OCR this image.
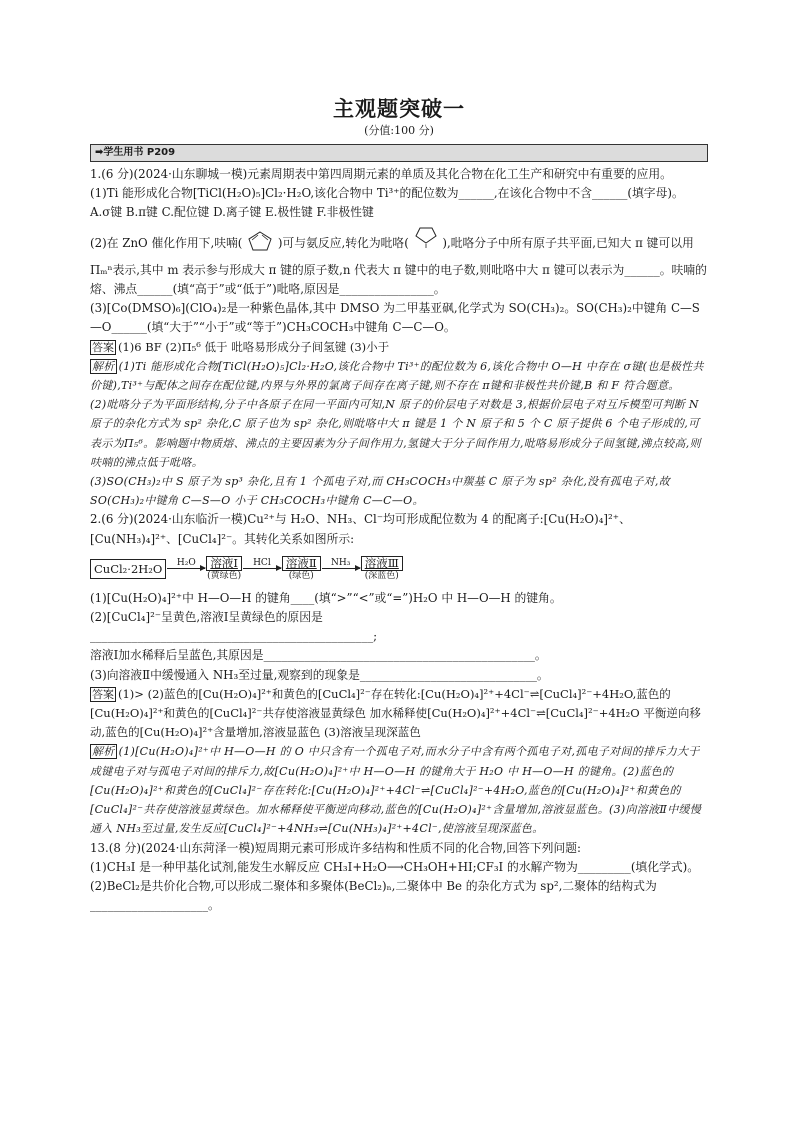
主观题突破一
(分值:100 分)
➡学生用书 P209

1.(6 分)(2024·山东聊城一模)元素周期表中第四周期元素的单质及其化合物在化工生产和研究中有重要的应用。

(1)Ti 能形成化合物[TiCl(H₂O)₅]Cl₂·H₂O,该化合物中 Ti³⁺的配位数为______,在该化合物中不含______(填字母)。

A.σ键 B.π键 C.配位键 D.离子键 E.极性键 F.非极性键

(2)在 ZnO 催化作用下,呋喃(	)可与氨反应,转化为吡咯(	),吡咯分子中所有原子共平面,已知大 π 键可以用Πₘⁿ表示,其中 m 表示参与形成大 π 键的原子数,n 代表大 π 键中的电子数,则吡咯中大 π 键可以表示为______。呋喃的熔、沸点______(填“高于”或“低于”)吡咯,原因是________________。

(3)[Co(DMSO)₆](ClO₄)₂是一种紫色晶体,其中 DMSO 为二甲基亚砜,化学式为 SO(CH₃)₂。SO(CH₃)₂中键角 C—S—O______(填“大于”“小于”或“等于”)CH₃COCH₃中键角 C—C—O。

答案 (1)6 BF (2)Π₅⁶ 低于 吡咯易形成分子间氢键 (3)小于

解析 (1)Ti 能形成化合物[TiCl(H₂O)₅]Cl₂·H₂O,该化合物中 Ti³⁺的配位数为 6,该化合物中 O—H 中存在 σ键(也是极性共价键),Ti³⁺与配体之间存在配位键,内界与外界的氯离子间存在离子键,则不存在 π键和非极性共价键,B 和 F 符合题意。

(2)吡咯分子为平面形结构,分子中各原子在同一平面内可知,N 原子的价层电子对数是 3,根据价层电子对互斥模型可判断 N 原子的杂化方式为 sp² 杂化,C 原子也为 sp² 杂化,则吡咯中大 π 键是 1 个 N 原子和 5 个 C 原子提供 6 个电子形成的,可表示为Π₅⁶。影响题中物质熔、沸点的主要因素为分子间作用力,氢键大于分子间作用力,吡咯易形成分子间氢键,沸点较高,则呋喃的沸点低于吡咯。

(3)SO(CH₃)₂中 S 原子为 sp³ 杂化,且有 1 个孤电子对,而 CH₃COCH₃中羰基 C 原子为 sp² 杂化,没有孤电子对,故 SO(CH₃)₂中键角 C—S—O 小于 CH₃COCH₃中键角 C—C—O。

2.(6 分)(2024·山东临沂一模)Cu²⁺与 H₂O、NH₃、Cl⁻均可形成配位数为 4 的配离子:[Cu(H₂O)₄]²⁺、[Cu(NH₃)₄]²⁺、[CuCl₄]²⁻。其转化关系如图所示:

CuCl₂·2H₂O	H₂O
	溶液Ⅰ
(黄绿色)
HCl
	溶液Ⅱ
(绿色)
NH₃
	溶液Ⅲ
(深蓝色)

(1)[Cu(H₂O)₄]²⁺中 H—O—H 的键角____(填“>”“<”或“=”)H₂O 中 H—O—H 的键角。

(2)[CuCl₄]²⁻呈黄色,溶液Ⅰ呈黄绿色的原因是

________________________________________________;

溶液Ⅰ加水稀释后呈蓝色,其原因是______________________________________________。

(3)向溶液Ⅱ中缓慢通入 NH₃至过量,观察到的现象是______________________________。

答案 (1)> (2)蓝色的[Cu(H₂O)₄]²⁺和黄色的[CuCl₄]²⁻存在转化:[Cu(H₂O)₄]²⁺+4Cl⁻⇌[CuCl₄]²⁻+4H₂O,蓝色的[Cu(H₂O)₄]²⁺和黄色的[CuCl₄]²⁻共存使溶液显黄绿色 加水稀释使[Cu(H₂O)₄]²⁺+4Cl⁻⇌[CuCl₄]²⁻+4H₂O 平衡逆向移动,蓝色的[Cu(H₂O)₄]²⁺含量增加,溶液显蓝色 (3)溶液呈现深蓝色

解析 (1)[Cu(H₂O)₄]²⁺中 H—O—H 的 O 中只含有一个孤电子对,而水分子中含有两个孤电子对,孤电子对间的排斥力大于成键电子对与孤电子对间的排斥力,故[Cu(H₂O)₄]²⁺中 H—O—H 的键角大于 H₂O 中 H—O—H 的键角。(2)蓝色的[Cu(H₂O)₄]²⁺和黄色的[CuCl₄]²⁻存在转化:[Cu(H₂O)₄]²⁺+4Cl⁻⇌[CuCl₄]²⁻+4H₂O,蓝色的[Cu(H₂O)₄]²⁺和黄色的[CuCl₄]²⁻共存使溶液显黄绿色。加水稀释使平衡逆向移动,蓝色的[Cu(H₂O)₄]²⁺含量增加,溶液显蓝色。(3)向溶液Ⅱ中缓慢通入 NH₃至过量,发生反应[CuCl₄]²⁻+4NH₃⇌[Cu(NH₃)₄]²⁺+4Cl⁻,使溶液呈现深蓝色。

13.(8 分)(2024·山东菏泽一模)短周期元素可形成许多结构和性质不同的化合物,回答下列问题:

(1)CH₃I 是一种甲基化试剂,能发生水解反应 CH₃I+H₂O⟶CH₃OH+HI;CF₃I 的水解产物为_________(填化学式)。

(2)BeCl₂是共价化合物,可以形成二聚体和多聚体(BeCl₂)ₙ,二聚体中 Be 的杂化方式为 sp²,二聚体的结构式为____________________。
